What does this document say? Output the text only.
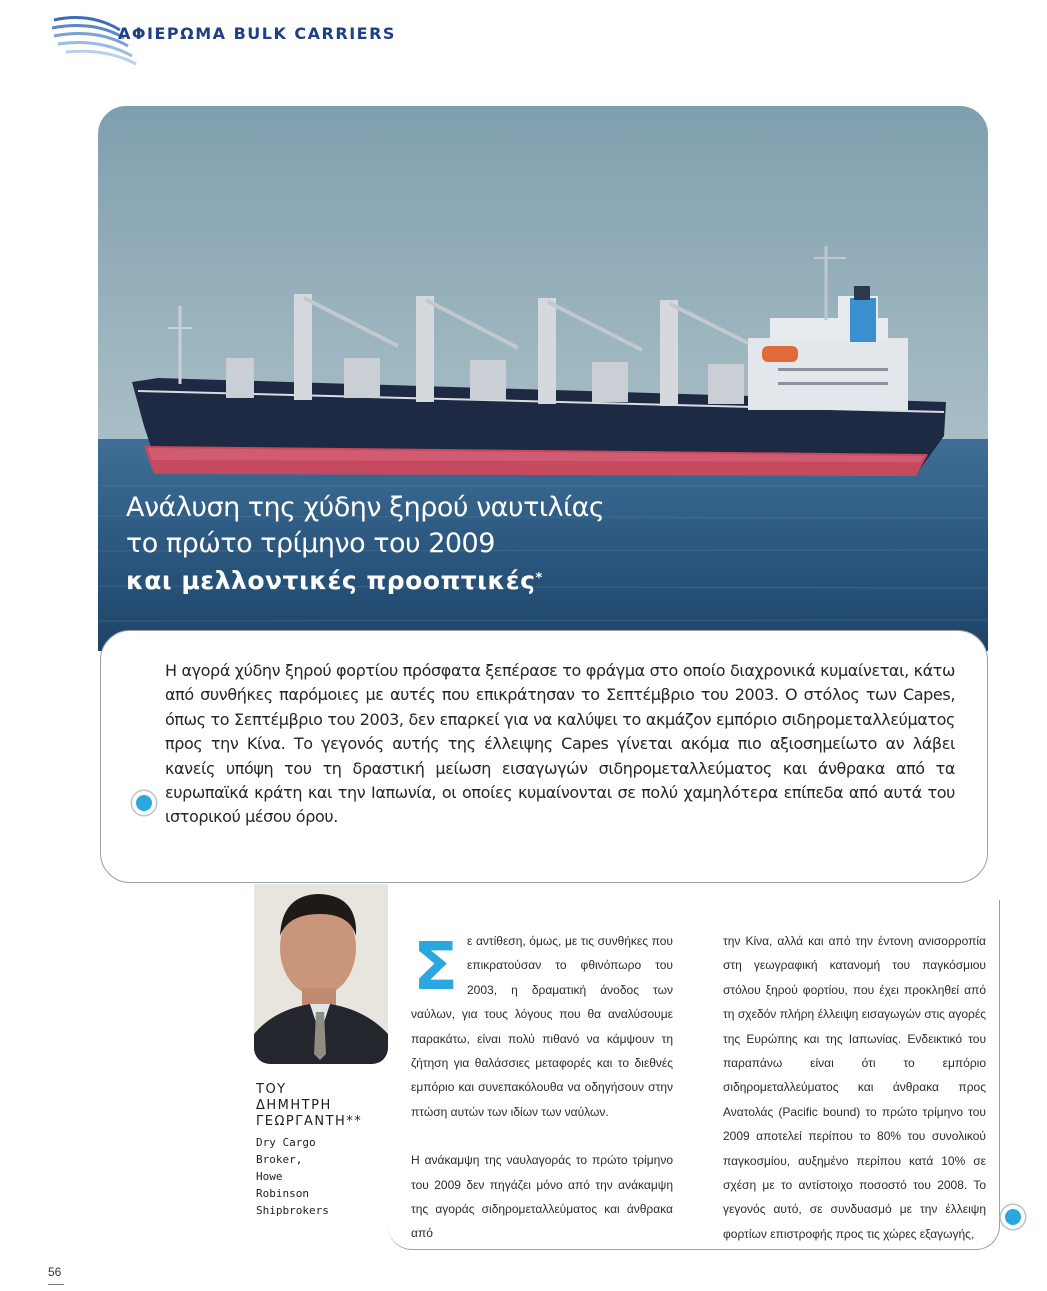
ΑΦΙΕΡΩΜΑ BULK CARRIERS
Ανάλυση της χύδην ξηρού ναυτιλίας
το πρώτο τρίμηνο του 2009
και μελλοντικές προοπτικές*
Η αγορά χύδην ξηρού φορτίου πρόσφατα ξεπέρασε το φράγμα στο οποίο διαχρονικά κυμαίνεται, κάτω από συνθήκες παρόμοιες με αυτές που επικράτησαν το Σεπτέμβριο του 2003. Ο στόλος των Capes, όπως το Σεπτέμβριο του 2003, δεν επαρκεί για να καλύψει το ακμάζον εμπόριο σιδηρομεταλλεύματος προς την Κίνα. Το γεγονός αυτής της έλλειψης Capes γίνεται ακόμα πιο αξιοσημείωτο αν λάβει κανείς υπόψη του τη δραστική μείωση εισαγωγών σιδηρομεταλλεύματος και άνθρακα από τα ευρωπαϊκά κράτη και την Ιαπωνία, οι οποίες κυμαίνονται σε πολύ χαμηλότερα επίπεδα από αυτά του ιστορικού μέσου όρου.
ΤΟΥ
ΔΗΜΗΤΡΗ
ΓΕΩΡΓΑΝΤΗ**
Dry Cargo
Broker,
Howe
Robinson
Shipbrokers
Σ ε αντίθεση, όμως, με τις συνθήκες που επικρατούσαν το φθινόπωρο του 2003, η δραματική άνοδος των ναύλων, για τους λόγους που θα αναλύσουμε παρακάτω, είναι πολύ πιθανό να κάμψουν τη ζήτηση για θαλάσσιες μεταφορές και το διεθνές εμπόριο και συνεπακόλουθα να οδηγήσουν στην πτώση αυτών των ιδίων των ναύλων.

Η ανάκαμψη της ναυλαγοράς το πρώτο τρίμηνο του 2009 δεν πηγάζει μόνο από την ανάκαμψη της αγοράς σιδηρομεταλλεύματος και άνθρακα από

την Κίνα, αλλά και από την έντονη ανισορροπία στη γεωγραφική κατανομή του παγκόσμιου στόλου ξηρού φορτίου, που έχει προκληθεί από τη σχεδόν πλήρη έλλειψη εισαγωγών στις αγορές της Ευρώπης και της Ιαπωνίας. Ενδεικτικό του παραπάνω είναι ότι το εμπόριο σιδηρομεταλλεύματος και άνθρακα προς Ανατολάς (Pacific bound) το πρώτο τρίμηνο του 2009 αποτελεί περίπου το 80% του συνολικού παγκοσμίου, αυξημένο περίπου κατά 10% σε σχέση με το αντίστοιχο ποσοστό του 2008. Το γεγονός αυτό, σε συνδυασμό με την έλλειψη φορτίων επιστροφής προς τις χώρες εξαγωγής,

56
